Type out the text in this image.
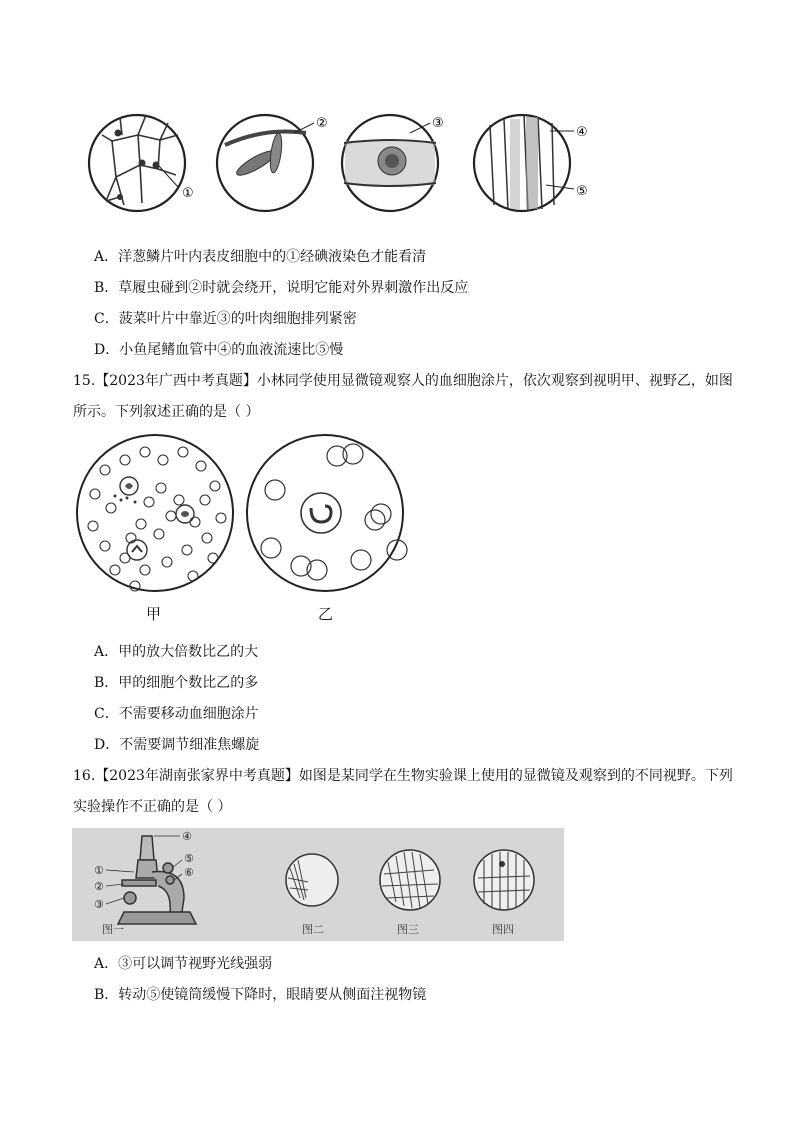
①
②	③
④
⑤
A．洋葱鳞片叶内表皮细胞中的①经碘液染色才能看清
B．草履虫碰到②时就会绕开，说明它能对外界刺激作出反应
C．菠菜叶片中靠近③的叶肉细胞排列紧密
D．小鱼尾鳍血管中④的血液流速比⑤慢
15.【2023年广西中考真题】小林同学使用显微镜观察人的血细胞涂片，依次观察到视明甲、视野乙，如图
所示。下列叙述正确的是（ ）
甲	乙
A．甲的放大倍数比乙的大
B．甲的细胞个数比乙的多
C．不需要移动血细胞涂片
D．不需要调节细准焦螺旋
16.【2023年湖南张家界中考真题】如图是某同学在生物实验课上使用的显微镜及观察到的不同视野。下列
实验操作不正确的是（ ）
④
⑤
⑥
①
②
③
图一	图二	图三	图四
A．③可以调节视野光线强弱
B．转动⑤使镜筒缓慢下降时，眼睛要从侧面注视物镜
